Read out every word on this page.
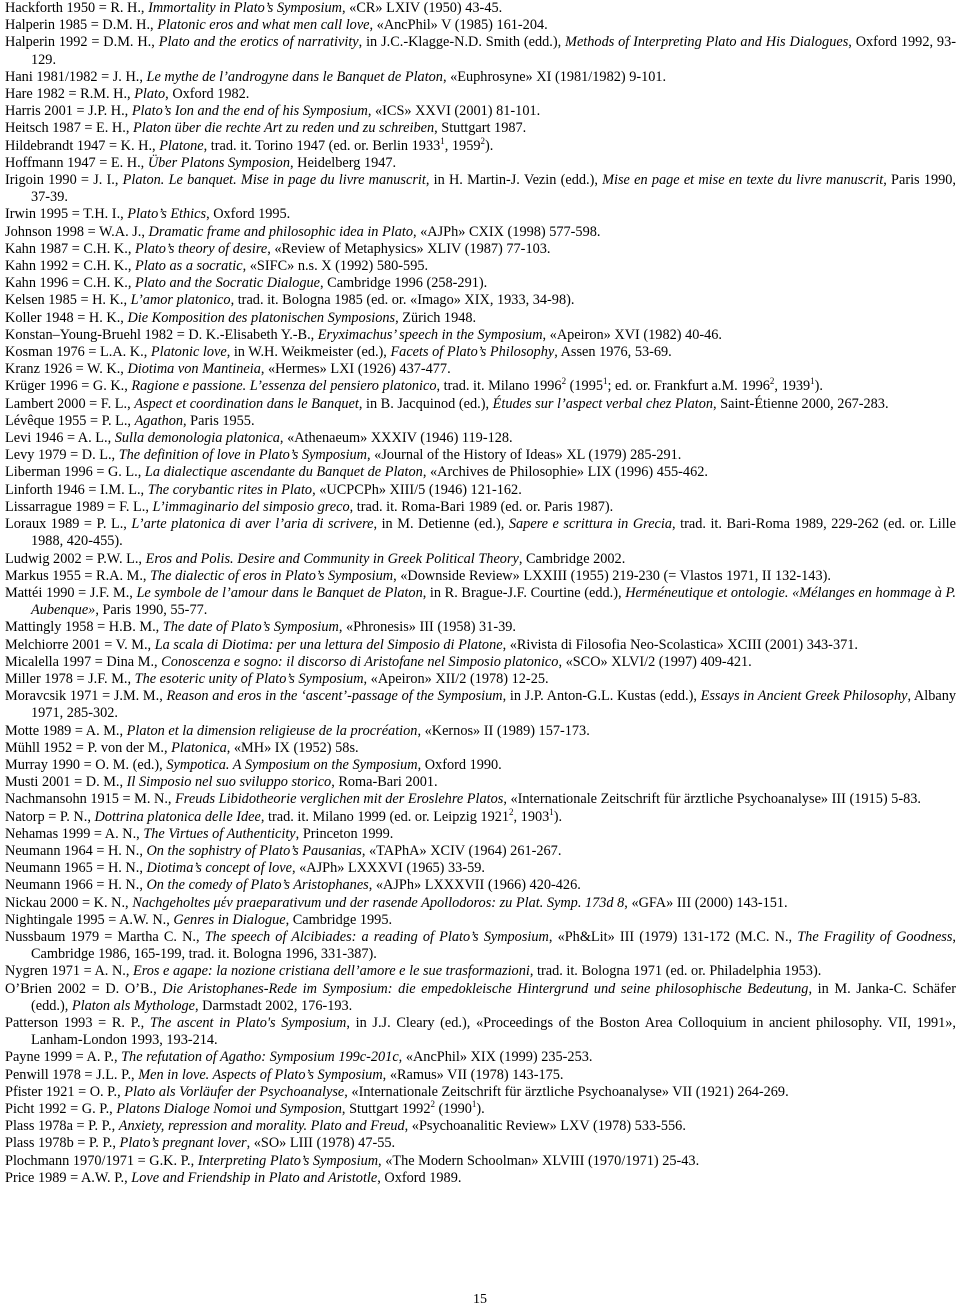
Hackforth 1950 = R. H., Immortality in Plato’s Symposium, «CR» LXIV (1950) 43-45.
Halperin 1985 = D.M. H., Platonic eros and what men call love, «AncPhil» V (1985) 161-204.
Halperin 1992 = D.M. H., Plato and the erotics of narrativity, in J.C.-Klagge-N.D. Smith (edd.), Methods of Interpreting Plato and His Dialogues, Oxford 1992, 93-129.
Hani 1981/1982 = J. H., Le mythe de l’androgyne dans le Banquet de Platon, «Euphrosyne» XI (1981/1982) 9-101.
Hare 1982 = R.M. H., Plato, Oxford 1982.
Harris 2001 = J.P. H., Plato’s Ion and the end of his Symposium, «ICS» XXVI (2001) 81-101.
Heitsch 1987 = E. H., Platon über die rechte Art zu reden und zu schreiben, Stuttgart 1987.
Hildebrandt 1947 = K. H., Platone, trad. it. Torino 1947 (ed. or. Berlin 1933$^1$, 1959$^2$).
Hoffmann 1947 = E. H., Über Platons Symposion, Heidelberg 1947.
Irigoin 1990 = J. I., Platon. Le banquet. Mise in page du livre manuscrit, in H. Martin-J. Vezin (edd.), Mise en page et mise en texte du livre manuscrit, Paris 1990, 37-39.
Irwin 1995 = T.H. I., Plato’s Ethics, Oxford 1995.
Johnson 1998 = W.A. J., Dramatic frame and philosophic idea in Plato, «AJPh» CXIX (1998) 577-598.
Kahn 1987 = C.H. K., Plato’s theory of desire, «Review of Metaphysics» XLIV (1987) 77-103.
Kahn 1992 = C.H. K., Plato as a socratic, «SIFC» n.s. X (1992) 580-595.
Kahn 1996 = C.H. K., Plato and the Socratic Dialogue, Cambridge 1996 (258-291).
Kelsen 1985 = H. K., L’amor platonico, trad. it. Bologna 1985 (ed. or. «Imago» XIX, 1933, 34-98).
Koller 1948 = H. K., Die Komposition des platonischen Symposions, Zürich 1948.
Konstan–Young-Bruehl 1982 = D. K.-Elisabeth Y.-B., Eryximachus’ speech in the Symposium, «Apeiron» XVI (1982) 40-46.
Kosman 1976 = L.A. K., Platonic love, in W.H. Weikmeister (ed.), Facets of Plato’s Philosophy, Assen 1976, 53-69.
Kranz 1926 = W. K., Diotima von Mantineia, «Hermes» LXI (1926) 437-477.
Krüger 1996 = G. K., Ragione e passione. L’essenza del pensiero platonico, trad. it. Milano 1996$^2$ (1995$^1$; ed. or. Frankfurt a.M. 1996$^2$, 1939$^1$).
Lambert 2000 = F. L., Aspect et coordination dans le Banquet, in B. Jacquinod (ed.), Études sur l’aspect verbal chez Platon, Saint-Étienne 2000, 267-283.
Lévêque 1955 = P. L., Agathon, Paris 1955.
Levi 1946 = A. L., Sulla demonologia platonica, «Athenaeum» XXXIV (1946) 119-128.
Levy 1979 = D. L., The definition of love in Plato’s Symposium, «Journal of the History of Ideas» XL (1979) 285-291.
Liberman 1996 = G. L., La dialectique ascendante du Banquet de Platon, «Archives de Philosophie» LIX (1996) 455-462.
Linforth 1946 = I.M. L., The corybantic rites in Plato, «UCPCPh» XIII/5 (1946) 121-162.
Lissarrague 1989 = F. L., L’immaginario del simposio greco, trad. it. Roma-Bari 1989 (ed. or. Paris 1987).
Loraux 1989 = P. L., L’arte platonica di aver l’aria di scrivere, in M. Detienne (ed.), Sapere e scrittura in Grecia, trad. it. Bari-Roma 1989, 229-262 (ed. or. Lille 1988, 420-455).
Ludwig 2002 = P.W. L., Eros and Polis. Desire and Community in Greek Political Theory, Cambridge 2002.
Markus 1955 = R.A. M., The dialectic of eros in Plato’s Symposium, «Downside Review» LXXIII (1955) 219-230 (= Vlastos 1971, II 132-143).
Mattéi 1990 = J.F. M., Le symbole de l’amour dans le Banquet de Platon, in R. Brague-J.F. Courtine (edd.), Herméneutique et ontologie. «Mélanges en hommage à P. Aubenque», Paris 1990, 55-77.
Mattingly 1958 = H.B. M., The date of Plato’s Symposium, «Phronesis» III (1958) 31-39.
Melchiorre 2001 = V. M., La scala di Diotima: per una lettura del Simposio di Platone, «Rivista di Filosofia Neo-Scolastica» XCIII (2001) 343-371.
Micalella 1997 = Dina M., Conoscenza e sogno: il discorso di Aristofane nel Simposio platonico, «SCO» XLVI/2 (1997) 409-421.
Miller 1978 = J.F. M., The esoteric unity of Plato’s Symposium, «Apeiron» XII/2 (1978) 12-25.
Moravcsik 1971 = J.M. M., Reason and eros in the ‘ascent’-passage of the Symposium, in J.P. Anton-G.L. Kustas (edd.), Essays in Ancient Greek Philosophy, Albany 1971, 285-302.
Motte 1989 = A. M., Platon et la dimension religieuse de la procréation, «Kernos» II (1989) 157-173.
Mühll 1952 = P. von der M., Platonica, «MH» IX (1952) 58s.
Murray 1990 = O. M. (ed.), Sympotica. A Symposium on the Symposium, Oxford 1990.
Musti 2001 = D. M., Il Simposio nel suo sviluppo storico, Roma-Bari 2001.
Nachmansohn 1915 = M. N., Freuds Libidotheorie verglichen mit der Eroslehre Platos, «Internationale Zeitschrift für ärztliche Psychoanalyse» III (1915) 5-83.
Natorp = P. N., Dottrina platonica delle Idee, trad. it. Milano 1999 (ed. or. Leipzig 1921$^2$, 1903$^1$).
Nehamas 1999 = A. N., The Virtues of Authenticity, Princeton 1999.
Neumann 1964 = H. N., On the sophistry of Plato’s Pausanias, «TAPhA» XCIV (1964) 261-267.
Neumann 1965 = H. N., Diotima’s concept of love, «AJPh» LXXXVI (1965) 33-59.
Neumann 1966 = H. N., On the comedy of Plato’s Aristophanes, «AJPh» LXXXVII (1966) 420-426.
Nickau 2000 = K. N., Nachgeholtes μέν praeparativum und der rasende Apollodoros: zu Plat. Symp. 173d 8, «GFA» III (2000) 143-151.
Nightingale 1995 = A.W. N., Genres in Dialogue, Cambridge 1995.
Nussbaum 1979 = Martha C. N., The speech of Alcibiades: a reading of Plato’s Symposium, «Ph&Lit» III (1979) 131-172 (M.C. N., The Fragility of Goodness, Cambridge 1986, 165-199, trad. it. Bologna 1996, 331-387).
Nygren 1971 = A. N., Eros e agape: la nozione cristiana dell’amore e le sue trasformazioni, trad. it. Bologna 1971 (ed. or. Philadelphia 1953).
O’Brien 2002 = D. O’B., Die Aristophanes-Rede im Symposium: die empedokleische Hintergrund und seine philosophische Bedeutung, in M. Janka-C. Schäfer (edd.), Platon als Mythologe, Darmstadt 2002, 176-193.
Patterson 1993 = R. P., The ascent in Plato's Symposium, in J.J. Cleary (ed.), «Proceedings of the Boston Area Colloquium in ancient philosophy. VII, 1991», Lanham-London 1993, 193-214.
Payne 1999 = A. P., The refutation of Agatho: Symposium 199c-201c, «AncPhil» XIX (1999) 235-253.
Penwill 1978 = J.L. P., Men in love. Aspects of Plato’s Symposium, «Ramus» VII (1978) 143-175.
Pfister 1921 = O. P., Plato als Vorläufer der Psychoanalyse, «Internationale Zeitschrift für ärztliche Psychoanalyse» VII (1921) 264-269.
Picht 1992 = G. P., Platons Dialoge Nomoi und Symposion, Stuttgart 1992$^2$ (1990$^1$).
Plass 1978a = P. P., Anxiety, repression and morality. Plato and Freud, «Psychoanalitic Review» LXV (1978) 533-556.
Plass 1978b = P. P., Plato’s pregnant lover, «SO» LIII (1978) 47-55.
Plochmann 1970/1971 = G.K. P., Interpreting Plato’s Symposium, «The Modern Schoolman» XLVIII (1970/1971) 25-43.
Price 1989 = A.W. P., Love and Friendship in Plato and Aristotle, Oxford 1989.
15
